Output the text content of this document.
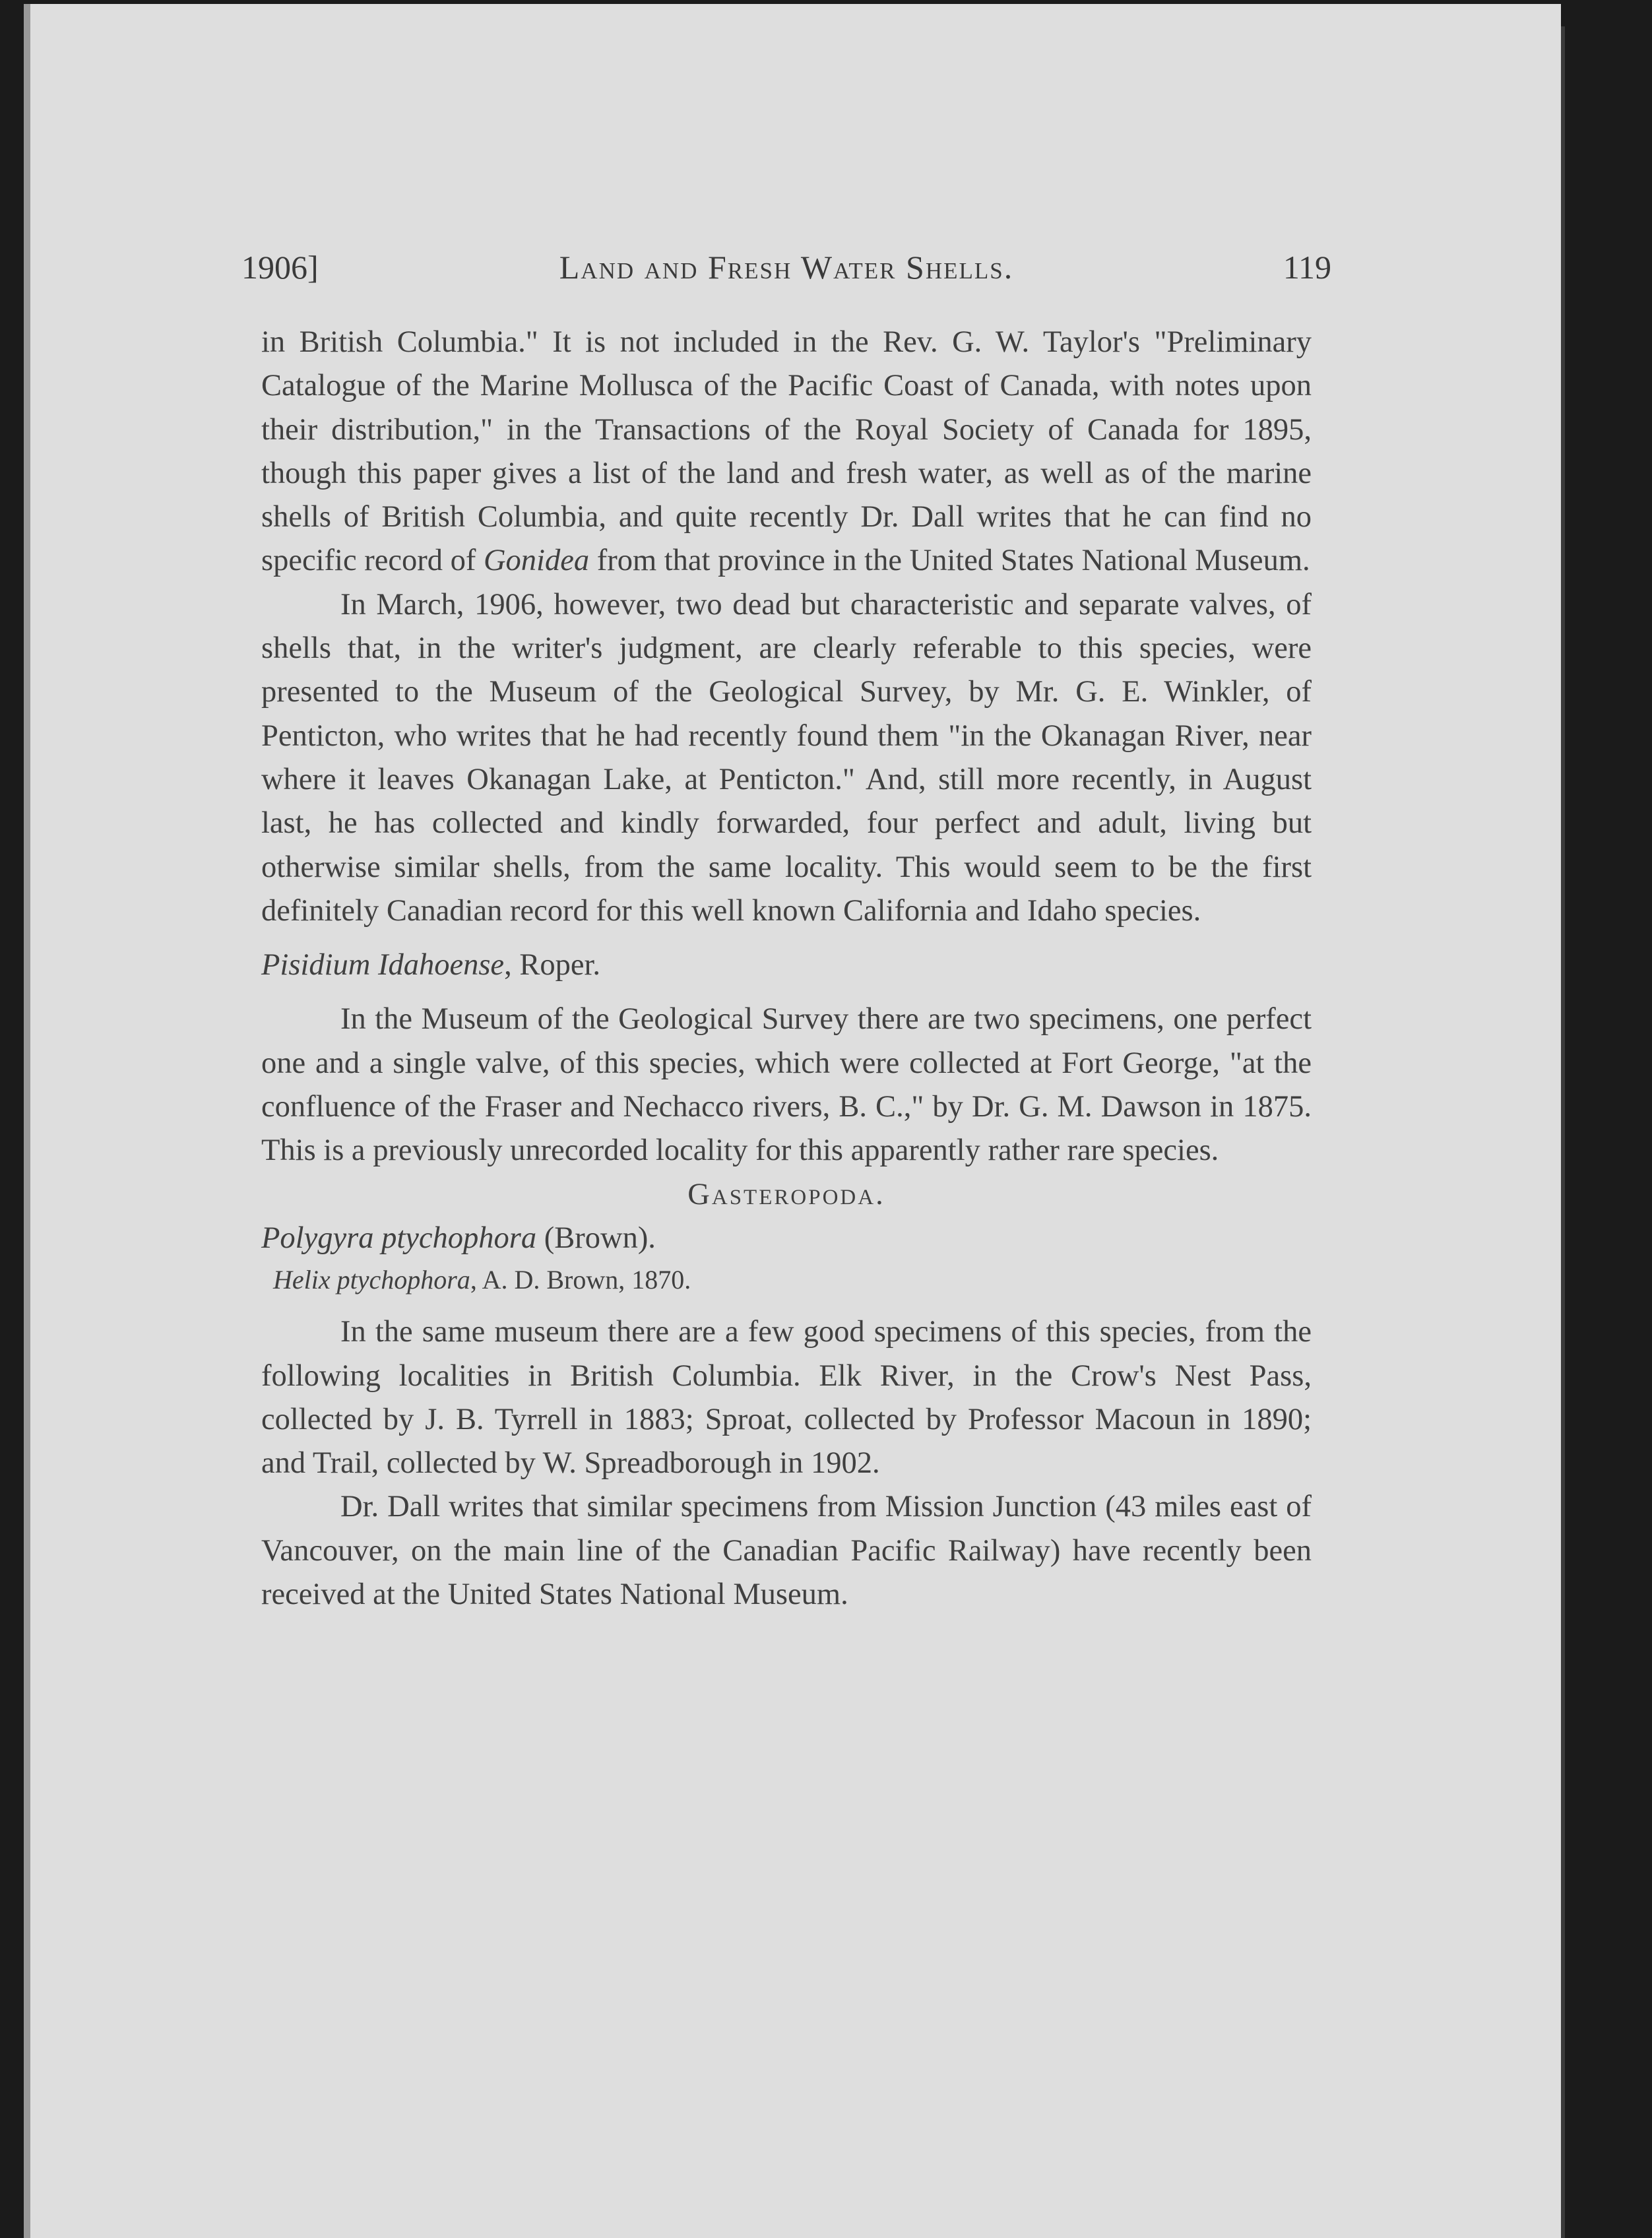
1906]	Land and Fresh Water Shells.	119

in British Columbia." It is not included in the Rev. G. W. Taylor's "Preliminary Catalogue of the Marine Mollusca of the Pacific Coast of Canada, with notes upon their distribution," in the Transactions of the Royal Society of Canada for 1895, though this paper gives a list of the land and fresh water, as well as of the marine shells of British Columbia, and quite recently Dr. Dall writes that he can find no specific record of Gonidea from that province in the United States National Museum.

In March, 1906, however, two dead but characteristic and separate valves, of shells that, in the writer's judgment, are clearly referable to this species, were presented to the Museum of the Geological Survey, by Mr. G. E. Winkler, of Penticton, who writes that he had recently found them "in the Okanagan River, near where it leaves Okanagan Lake, at Penticton." And, still more recently, in August last, he has collected and kindly forwarded, four perfect and adult, living but otherwise similar shells, from the same locality. This would seem to be the first definitely Canadian record for this well known California and Idaho species.

Pisidium Idahoense, Roper.

In the Museum of the Geological Survey there are two specimens, one perfect one and a single valve, of this species, which were collected at Fort George, "at the confluence of the Fraser and Nechacco rivers, B. C.," by Dr. G. M. Dawson in 1875. This is a previously unrecorded locality for this apparently rather rare species.

Gasteropoda.

Polygyra ptychophora (Brown).

Helix ptychophora, A. D. Brown, 1870.

In the same museum there are a few good specimens of this species, from the following localities in British Columbia. Elk River, in the Crow's Nest Pass, collected by J. B. Tyrrell in 1883; Sproat, collected by Professor Macoun in 1890; and Trail, collected by W. Spreadborough in 1902.

Dr. Dall writes that similar specimens from Mission Junction (43 miles east of Vancouver, on the main line of the Canadian Pacific Railway) have recently been received at the United States National Museum.
